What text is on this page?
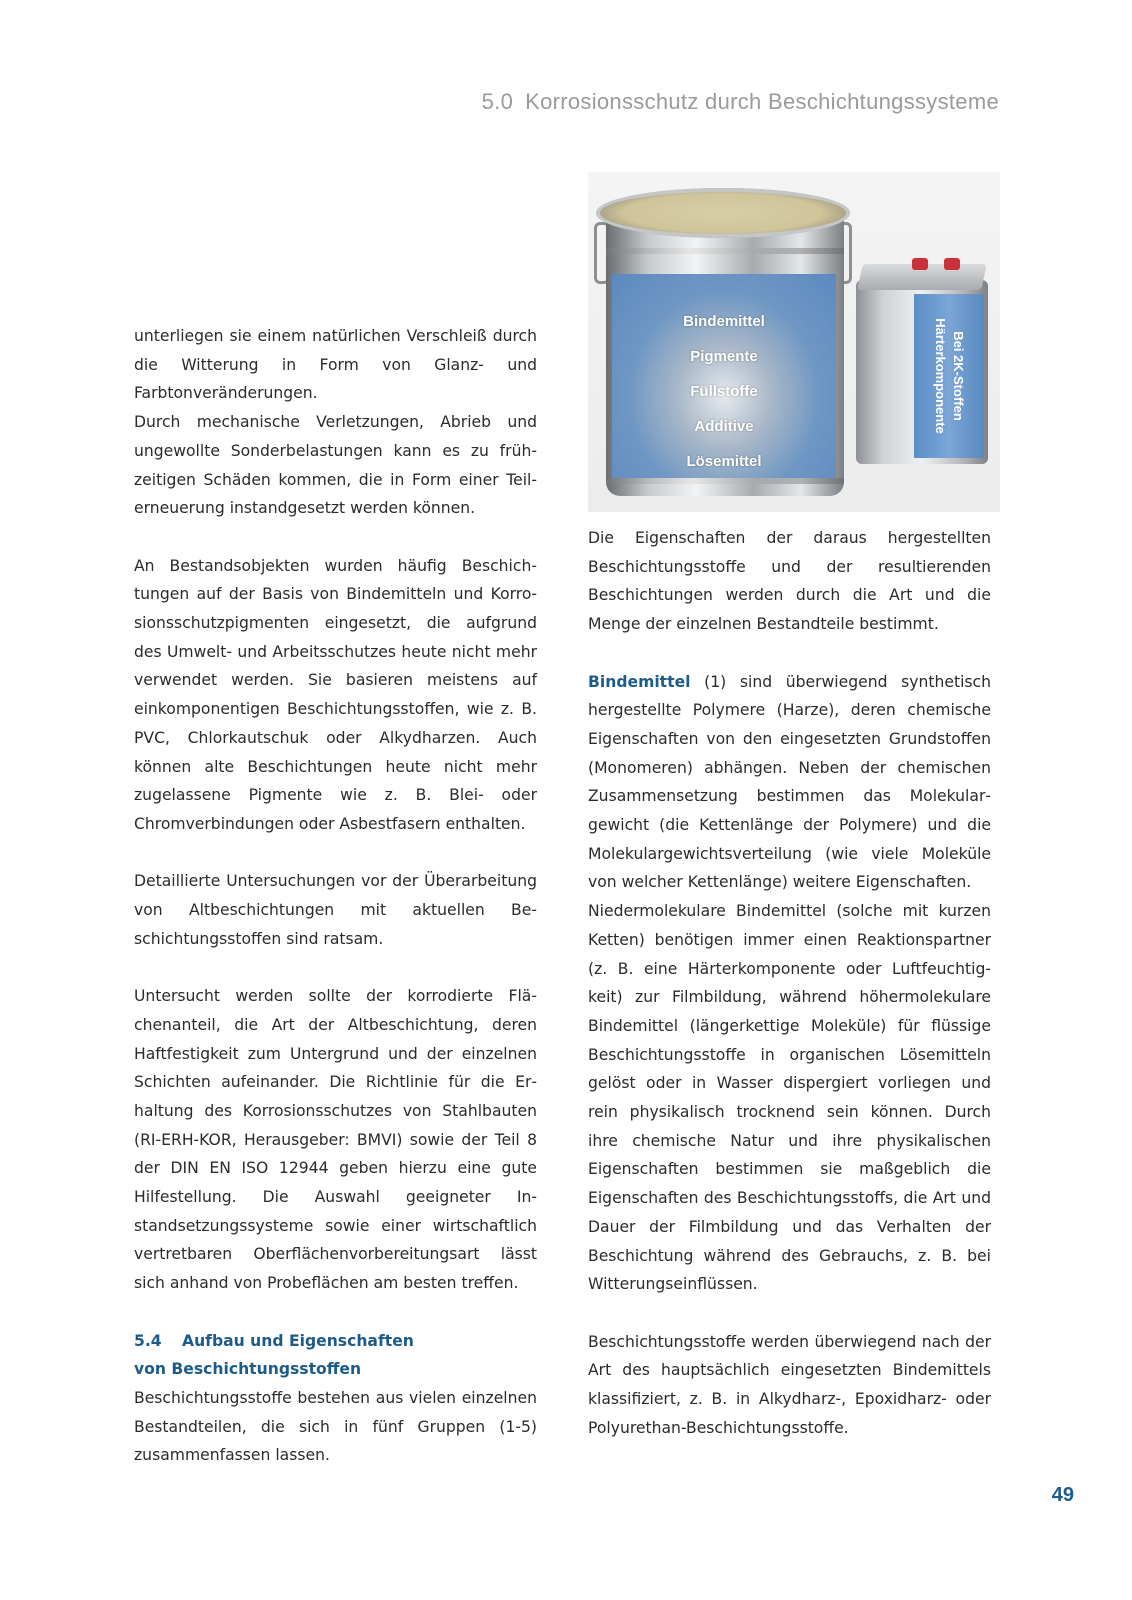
5.0 Korrosionsschutz durch Beschichtungssysteme
Bindemittel
Pigmente
Füllstoffe
Additive
Lösemittel
Bei 2K-Stoffen
Härterkomponente

unterliegen sie einem natürlichen Verschleiß durch die Witterung in Form von Glanz- und Farbtonveränderungen.

Durch mechanische Verletzungen, Abrieb und ungewollte Sonderbelastungen kann es zu frühzeitigen Schäden kommen, die in Form einer Teilerneuerung instandgesetzt werden können.

An Bestandsobjekten wurden häufig Beschichtungen auf der Basis von Bindemitteln und Korrosionsschutzpigmenten eingesetzt, die aufgrund des Umwelt- und Arbeitsschutzes heute nicht mehr verwendet werden. Sie basieren meistens auf einkomponentigen Beschichtungsstoffen, wie z. B. PVC, Chlorkautschuk oder Alkydharzen. Auch können alte Beschichtungen heute nicht mehr zugelassene Pigmente wie z. B. Blei- oder Chromverbindungen oder Asbestfasern enthalten.

Detaillierte Untersuchungen vor der Überarbeitung von Altbeschichtungen mit aktuellen Beschichtungsstoffen sind ratsam.

Untersucht werden sollte der korrodierte Flächenanteil, die Art der Altbeschichtung, deren Haftfestigkeit zum Untergrund und der einzelnen Schichten aufeinander. Die Richtlinie für die Erhaltung des Korrosionsschutzes von Stahlbauten (RI-ERH-KOR, Herausgeber: BMVI) sowie der Teil 8 der DIN EN ISO 12944 geben hierzu eine gute Hilfestellung. Die Auswahl geeigneter Instandsetzungssysteme sowie einer wirtschaftlich vertretbaren Oberflächenvorbereitungsart lässt sich anhand von Probeflächen am besten treffen.

5.4 Aufbau und Eigenschaften
von Beschichtungsstoffen

Beschichtungsstoffe bestehen aus vielen einzelnen Bestandteilen, die sich in fünf Gruppen (1-5) zusammenfassen lassen.

Die Eigenschaften der daraus hergestellten Beschichtungsstoffe und der resultierenden Beschichtungen werden durch die Art und die Menge der einzelnen Bestandteile bestimmt.

Bindemittel (1) sind überwiegend synthetisch hergestellte Polymere (Harze), deren chemische Eigenschaften von den eingesetzten Grundstoffen (Monomeren) abhängen. Neben der chemischen Zusammensetzung bestimmen das Molekulargewicht (die Kettenlänge der Polymere) und die Molekulargewichtsverteilung (wie viele Moleküle von welcher Kettenlänge) weitere Eigenschaften.

Niedermolekulare Bindemittel (solche mit kurzen Ketten) benötigen immer einen Reaktionspartner (z. B. eine Härterkomponente oder Luftfeuchtigkeit) zur Filmbildung, während höhermolekulare Bindemittel (längerkettige Moleküle) für flüssige Beschichtungsstoffe in organischen Lösemitteln gelöst oder in Wasser dispergiert vorliegen und rein physikalisch trocknend sein können. Durch ihre chemische Natur und ihre physikalischen Eigenschaften bestimmen sie maßgeblich die Eigenschaften des Beschichtungsstoffs, die Art und Dauer der Filmbildung und das Verhalten der Beschichtung während des Gebrauchs, z. B. bei Witterungseinflüssen.

Beschichtungsstoffe werden überwiegend nach der Art des hauptsächlich eingesetzten Bindemittels klassifiziert, z. B. in Alkydharz-, Epoxidharz- oder Polyurethan-Beschichtungsstoffe.

49
